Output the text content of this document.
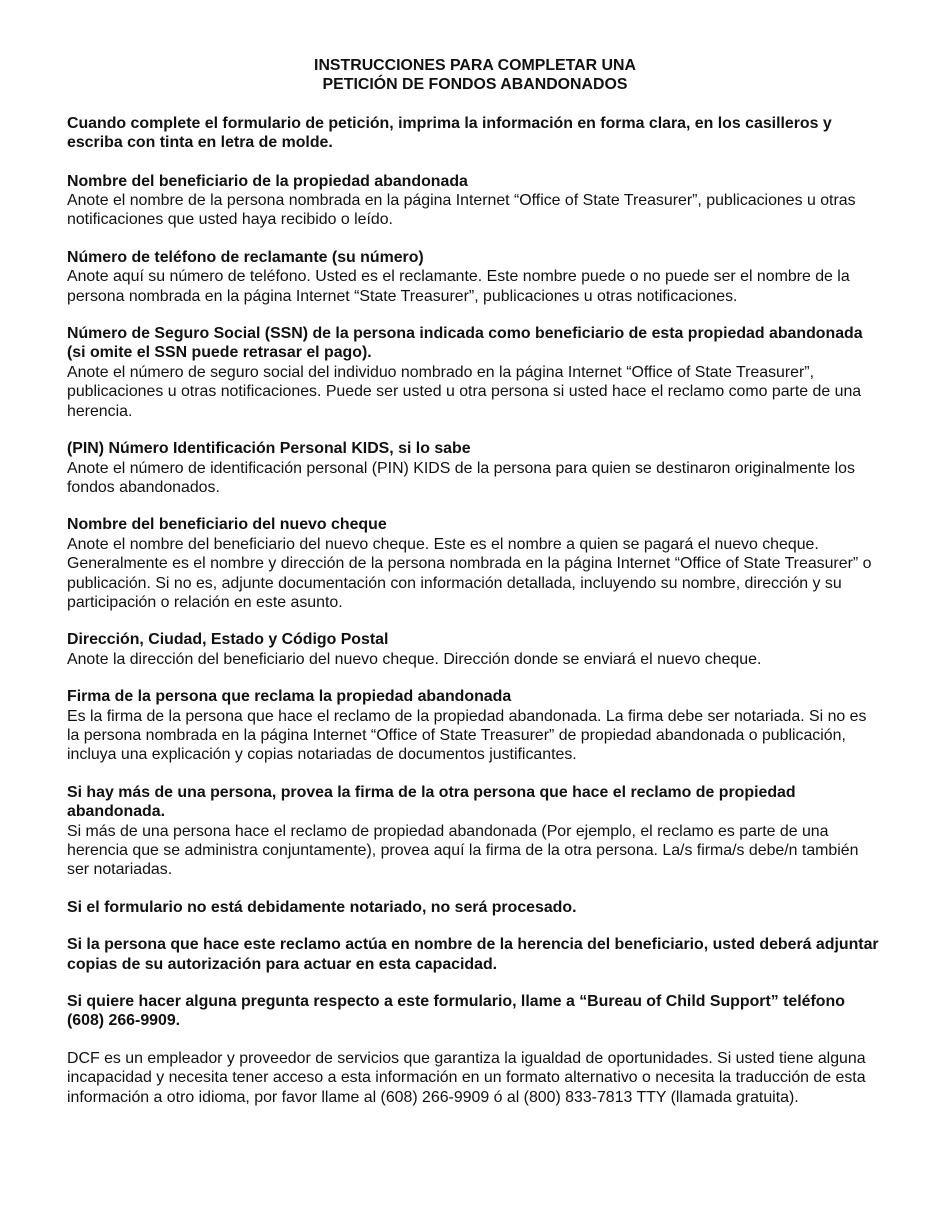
INSTRUCCIONES PARA COMPLETAR UNA
PETICIÓN DE FONDOS ABANDONADOS

Cuando complete el formulario de petición, imprima la información en forma clara, en los casilleros y escriba con tinta en letra de molde.

Nombre del beneficiario de la propiedad abandonada

Anote el nombre de la persona nombrada en la página Internet “Office of State Treasurer”, publicaciones u otras notificaciones que usted haya recibido o leído.

Número de teléfono de reclamante (su número)

Anote aquí su número de teléfono. Usted es el reclamante. Este nombre puede o no puede ser el nombre de la persona nombrada en la página Internet “State Treasurer”, publicaciones u otras notificaciones.

Número de Seguro Social (SSN) de la persona indicada como beneficiario de esta propiedad abandonada (si omite el SSN puede retrasar el pago).

Anote el número de seguro social del individuo nombrado en la página Internet “Office of State Treasurer”, publicaciones u otras notificaciones. Puede ser usted u otra persona si usted hace el reclamo como parte de una herencia.

(PIN) Número Identificación Personal KIDS, si lo sabe

Anote el número de identificación personal (PIN) KIDS de la persona para quien se destinaron originalmente los fondos abandonados.

Nombre del beneficiario del nuevo cheque

Anote el nombre del beneficiario del nuevo cheque. Este es el nombre a quien se pagará el nuevo cheque. Generalmente es el nombre y dirección de la persona nombrada en la página Internet “Office of State Treasurer” o publicación. Si no es, adjunte documentación con información detallada, incluyendo su nombre, dirección y su participación o relación en este asunto.

Dirección, Ciudad, Estado y Código Postal

Anote la dirección del beneficiario del nuevo cheque. Dirección donde se enviará el nuevo cheque.

Firma de la persona que reclama la propiedad abandonada

Es la firma de la persona que hace el reclamo de la propiedad abandonada. La firma debe ser notariada. Si no es la persona nombrada en la página Internet “Office of State Treasurer” de propiedad abandonada o publicación, incluya una explicación y copias notariadas de documentos justificantes.

Si hay más de una persona, provea la firma de la otra persona que hace el reclamo de propiedad abandonada.

Si más de una persona hace el reclamo de propiedad abandonada (Por ejemplo, el reclamo es parte de una herencia que se administra conjuntamente), provea aquí la firma de la otra persona. La/s firma/s debe/n también ser notariadas.

Si el formulario no está debidamente notariado, no será procesado.

Si la persona que hace este reclamo actúa en nombre de la herencia del beneficiario, usted deberá adjuntar copias de su autorización para actuar en esta capacidad.

Si quiere hacer alguna pregunta respecto a este formulario, llame a “Bureau of Child Support” teléfono (608) 266-9909.

DCF es un empleador y proveedor de servicios que garantiza la igualdad de oportunidades. Si usted tiene alguna incapacidad y necesita tener acceso a esta información en un formato alternativo o necesita la traducción de esta información a otro idioma, por favor llame al (608) 266-9909 ó al (800) 833-7813 TTY (llamada gratuita).
